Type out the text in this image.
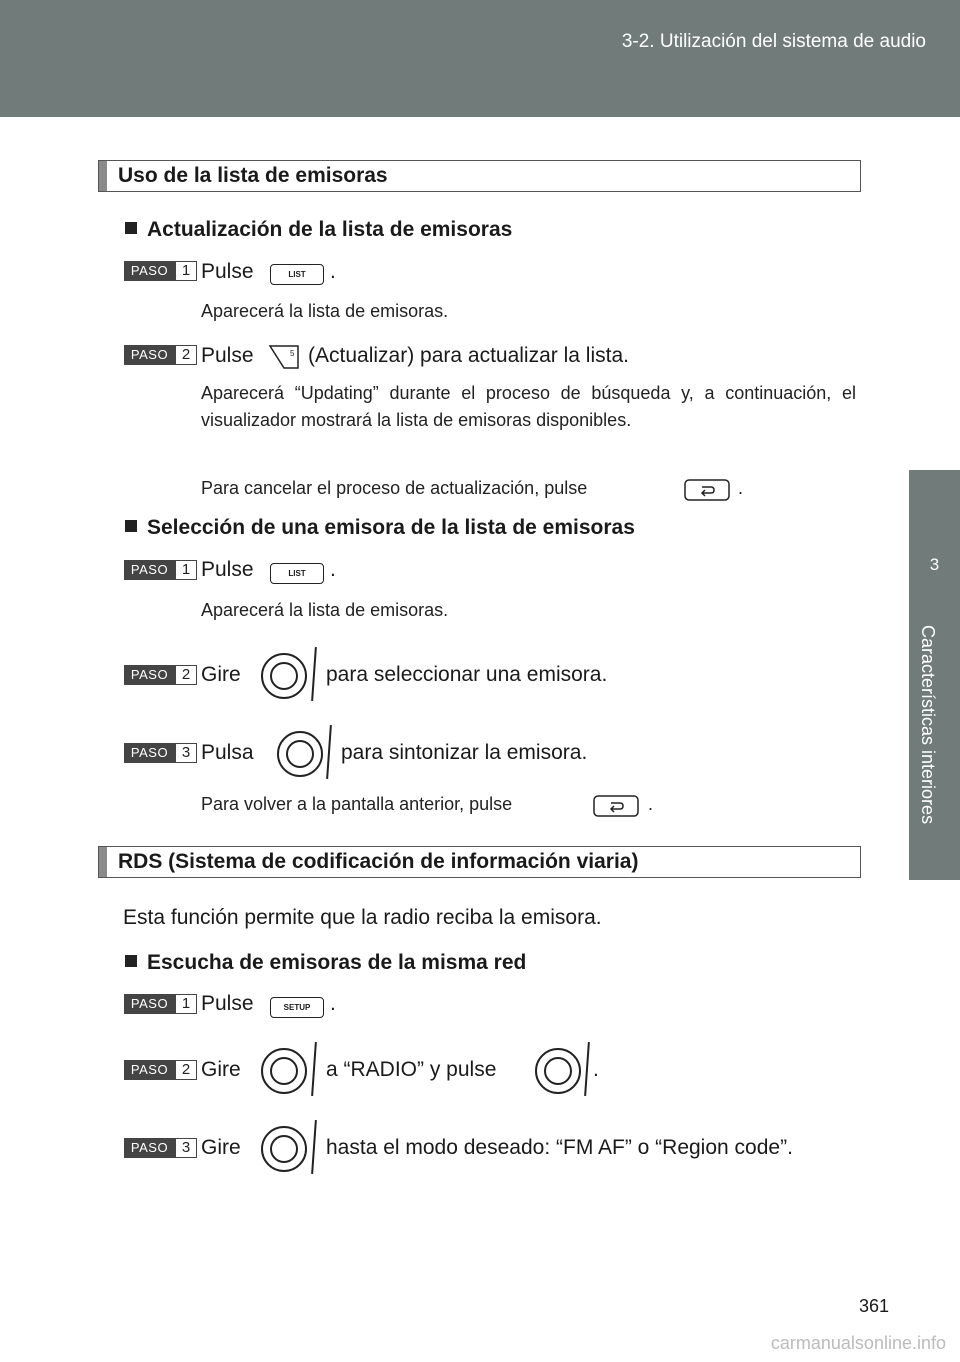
3-2. Utilización del sistema de audio
3
Características interiores
Uso de la lista de emisoras
Actualización de la lista de emisoras
PASO 1 Pulse	LIST	.
Aparecerá la lista de emisoras.
PASO 2 Pulse	5 (Actualizar) para actualizar la lista.
Aparecerá “Updating” durante el proceso de búsqueda y, a continuación, el visualizador mostrará la lista de emisoras disponibles.
Para cancelar el proceso de actualización, pulse	.
Selección de una emisora de la lista de emisoras
PASO 1 Pulse	LIST	.
Aparecerá la lista de emisoras.
PASO 2 Gire	para seleccionar una emisora.
PASO 3 Pulsa	para sintonizar la emisora.
Para volver a la pantalla anterior, pulse	.
RDS (Sistema de codificación de información viaria)
Esta función permite que la radio reciba la emisora.
Escucha de emisoras de la misma red
PASO 1 Pulse	SETUP .
PASO 2 Gire	a “RADIO” y pulse	.
PASO 3 Gire	hasta el modo deseado: “FM AF” o “Region code”.
361
carmanualsonline.info
